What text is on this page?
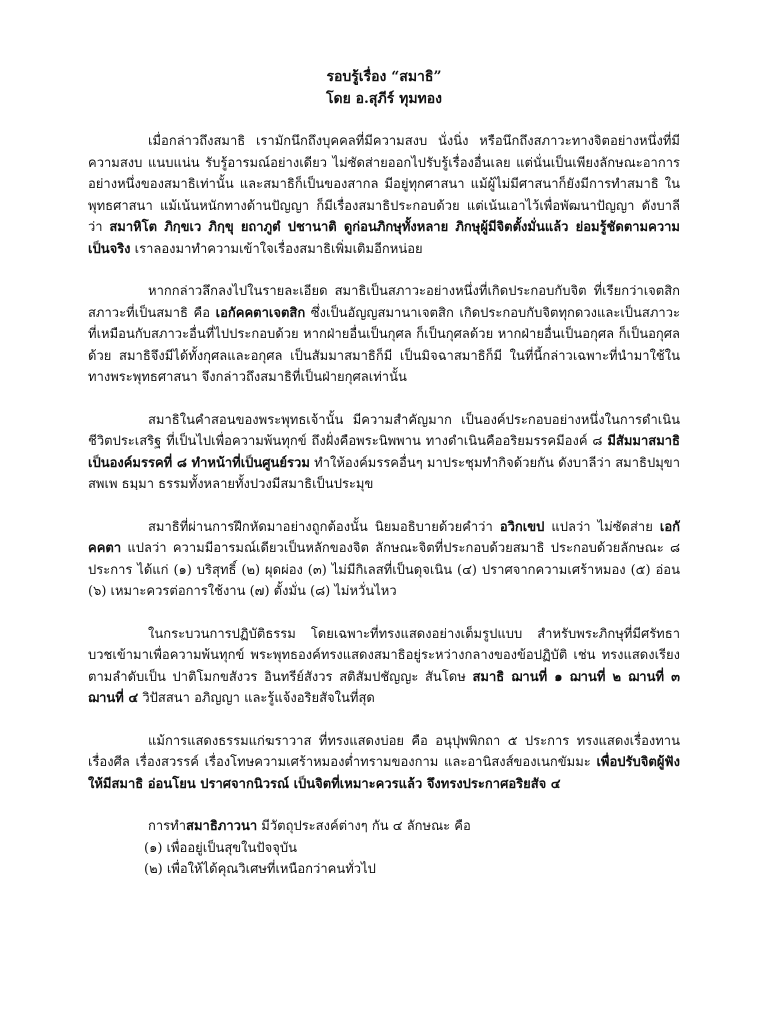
รอบรู้เรื่อง “สมาธิ”
โดย อ.สุภีร์ ทุมทอง

เมื่อกล่าวถึงสมาธิ เรามักนึกถึงบุคคลที่มีความสงบ นั่งนิ่ง หรือนึกถึงสภาวะทางจิตอย่างหนึ่งที่มีความสงบ แนบแน่น รับรู้อารมณ์อย่างเดียว ไม่ซัดส่ายออกไปรับรู้เรื่องอื่นเลย แต่นั่นเป็นเพียงลักษณะอาการอย่างหนึ่งของสมาธิเท่านั้น และสมาธิก็เป็นของสากล มีอยู่ทุกศาสนา แม้ผู้ไม่มีศาสนาก็ยังมีการทำสมาธิ ในพุทธศาสนา แม้เน้นหนักทางด้านปัญญา ก็มีเรื่องสมาธิประกอบด้วย แต่เน้นเอาไว้เพื่อพัฒนาปัญญา ดังบาลีว่า สมาหิโต ภิกฺขเว ภิกฺขุ ยถาภูตํ ปชานาติ ดูก่อนภิกษุทั้งหลาย ภิกษุผู้มีจิตตั้งมั่นแล้ว ย่อมรู้ชัดตามความเป็นจริง เราลองมาทำความเข้าใจเรื่องสมาธิเพิ่มเติมอีกหน่อย

หากกล่าวลึกลงไปในรายละเอียด สมาธิเป็นสภาวะอย่างหนึ่งที่เกิดประกอบกับจิต ที่เรียกว่าเจตสิก สภาวะที่เป็นสมาธิ คือ เอกัคคตาเจตสิก ซึ่งเป็นอัญญสมานาเจตสิก เกิดประกอบกับจิตทุกดวงและเป็นสภาวะที่เหมือนกับสภาวะอื่นที่ไปประกอบด้วย หากฝ่ายอื่นเป็นกุศล ก็เป็นกุศลด้วย หากฝ่ายอื่นเป็นอกุศล ก็เป็นอกุศลด้วย สมาธิจึงมีได้ทั้งกุศลและอกุศล เป็นสัมมาสมาธิก็มี เป็นมิจฉาสมาธิก็มี ในที่นี้กล่าวเฉพาะที่นำมาใช้ในทางพระพุทธศาสนา จึงกล่าวถึงสมาธิที่เป็นฝ่ายกุศลเท่านั้น

สมาธิในคำสอนของพระพุทธเจ้านั้น มีความสำคัญมาก เป็นองค์ประกอบอย่างหนึ่งในการดำเนินชีวิตประเสริฐ ที่เป็นไปเพื่อความพ้นทุกข์ ถึงฝั่งคือพระนิพพาน ทางดำเนินคืออริยมรรคมีองค์ ๘ มีสัมมาสมาธิเป็นองค์มรรคที่ ๘ ทำหน้าที่เป็นศูนย์รวม ทำให้องค์มรรคอื่นๆ มาประชุมทำกิจด้วยกัน ดังบาลีว่า สมาธิปมุขา สพเพ ธมฺมา ธรรมทั้งหลายทั้งปวงมีสมาธิเป็นประมุข

สมาธิที่ผ่านการฝึกหัดมาอย่างถูกต้องนั้น นิยมอธิบายด้วยคำว่า อวิกเขป แปลว่า ไม่ซัดส่าย เอกัคคตา แปลว่า ความมีอารมณ์เดียวเป็นหลักของจิต ลักษณะจิตที่ประกอบด้วยสมาธิ ประกอบด้วยลักษณะ ๘ ประการ ได้แก่ (๑) บริสุทธิ์ (๒) ผุดผ่อง (๓) ไม่มีกิเลสที่เป็นดุจเนิน (๔) ปราศจากความเศร้าหมอง (๕) อ่อน (๖) เหมาะควรต่อการใช้งาน (๗) ตั้งมั่น (๘) ไม่หวั่นไหว

ในกระบวนการปฏิบัติธรรม โดยเฉพาะที่ทรงแสดงอย่างเต็มรูปแบบ สำหรับพระภิกษุที่มีศรัทธาบวชเข้ามาเพื่อความพ้นทุกข์ พระพุทธองค์ทรงแสดงสมาธิอยู่ระหว่างกลางของข้อปฏิบัติ เช่น ทรงแสดงเรียงตามลำดับเป็น ปาติโมกขสังวร อินทรีย์สังวร สติสัมปชัญญะ สันโดษ สมาธิ ฌานที่ ๑ ฌานที่ ๒ ฌานที่ ๓ ฌานที่ ๔ วิปัสสนา อภิญญา และรู้แจ้งอริยสัจในที่สุด

แม้การแสดงธรรมแก่ฆราวาส ที่ทรงแสดงบ่อย คือ อนุปุพพิกถา ๕ ประการ ทรงแสดงเรื่องทาน เรื่องศีล เรื่องสวรรค์ เรื่องโทษความเศร้าหมองต่ำทรามของกาม และอานิสงส์ของเนกขัมมะ เพื่อปรับจิตผู้ฟังให้มีสมาธิ อ่อนโยน ปราศจากนิวรณ์ เป็นจิตที่เหมาะควรแล้ว จึงทรงประกาศอริยสัจ ๔

การทำสมาธิภาวนา มีวัตถุประสงค์ต่างๆ กัน ๔ ลักษณะ คือ

(๑) เพื่ออยู่เป็นสุขในปัจจุบัน

(๒) เพื่อให้ได้คุณวิเศษที่เหนือกว่าคนทั่วไป
